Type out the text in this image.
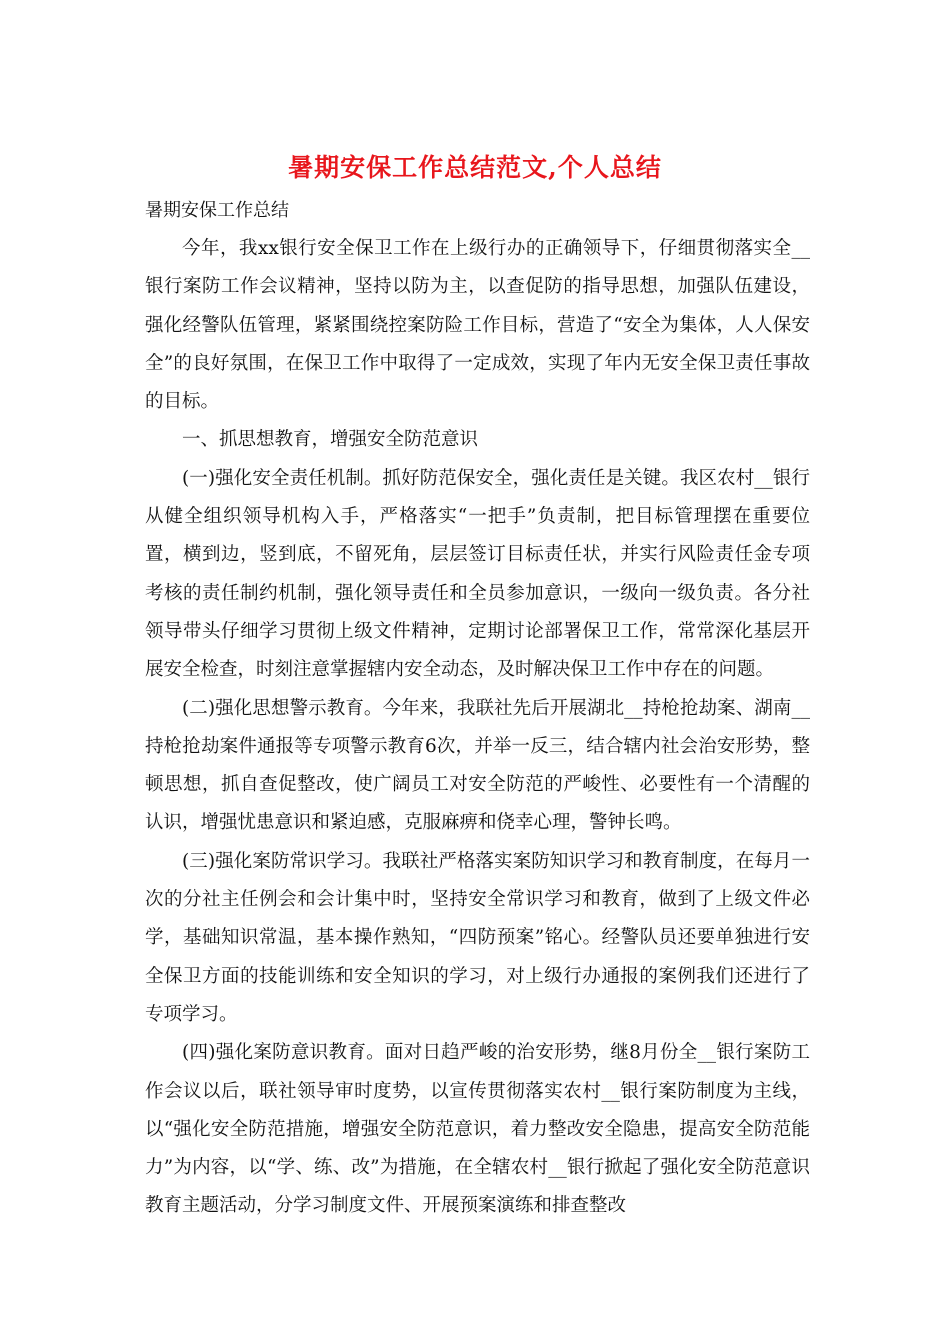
暑期安保工作总结范文,个人总结
暑期安保工作总结

今年，我xx银行安全保卫工作在上级行办的正确领导下，仔细贯彻落实全__银行案防工作会议精神，坚持以防为主，以查促防的指导思想，加强队伍建设，强化经警队伍管理，紧紧围绕控案防险工作目标，营造了“安全为集体，人人保安全”的良好氛围，在保卫工作中取得了一定成效，实现了年内无安全保卫责任事故的目标。

一、抓思想教育，增强安全防范意识

(一)强化安全责任机制。抓好防范保安全，强化责任是关键。我区农村__银行从健全组织领导机构入手，严格落实“一把手”负责制，把目标管理摆在重要位置，横到边，竖到底，不留死角，层层签订目标责任状，并实行风险责任金专项考核的责任制约机制，强化领导责任和全员参加意识，一级向一级负责。各分社领导带头仔细学习贯彻上级文件精神，定期讨论部署保卫工作，常常深化基层开展安全检查，时刻注意掌握辖内安全动态，及时解决保卫工作中存在的问题。

(二)强化思想警示教育。今年来，我联社先后开展湖北__持枪抢劫案、湖南__持枪抢劫案件通报等专项警示教育6次，并举一反三，结合辖内社会治安形势，整顿思想，抓自查促整改，使广阔员工对安全防范的严峻性、必要性有一个清醒的认识，增强忧患意识和紧迫感，克服麻痹和侥幸心理，警钟长鸣。

(三)强化案防常识学习。我联社严格落实案防知识学习和教育制度，在每月一次的分社主任例会和会计集中时，坚持安全常识学习和教育，做到了上级文件必学，基础知识常温，基本操作熟知，“四防预案”铭心。经警队员还要单独进行安全保卫方面的技能训练和安全知识的学习，对上级行办通报的案例我们还进行了专项学习。

(四)强化案防意识教育。面对日趋严峻的治安形势，继8月份全__银行案防工作会议以后，联社领导审时度势，以宣传贯彻落实农村__银行案防制度为主线，以“强化安全防范措施，增强安全防范意识，着力整改安全隐患，提高安全防范能力”为内容，以“学、练、改”为措施，在全辖农村__银行掀起了强化安全防范意识教育主题活动，分学习制度文件、开展预案演练和排查整改
